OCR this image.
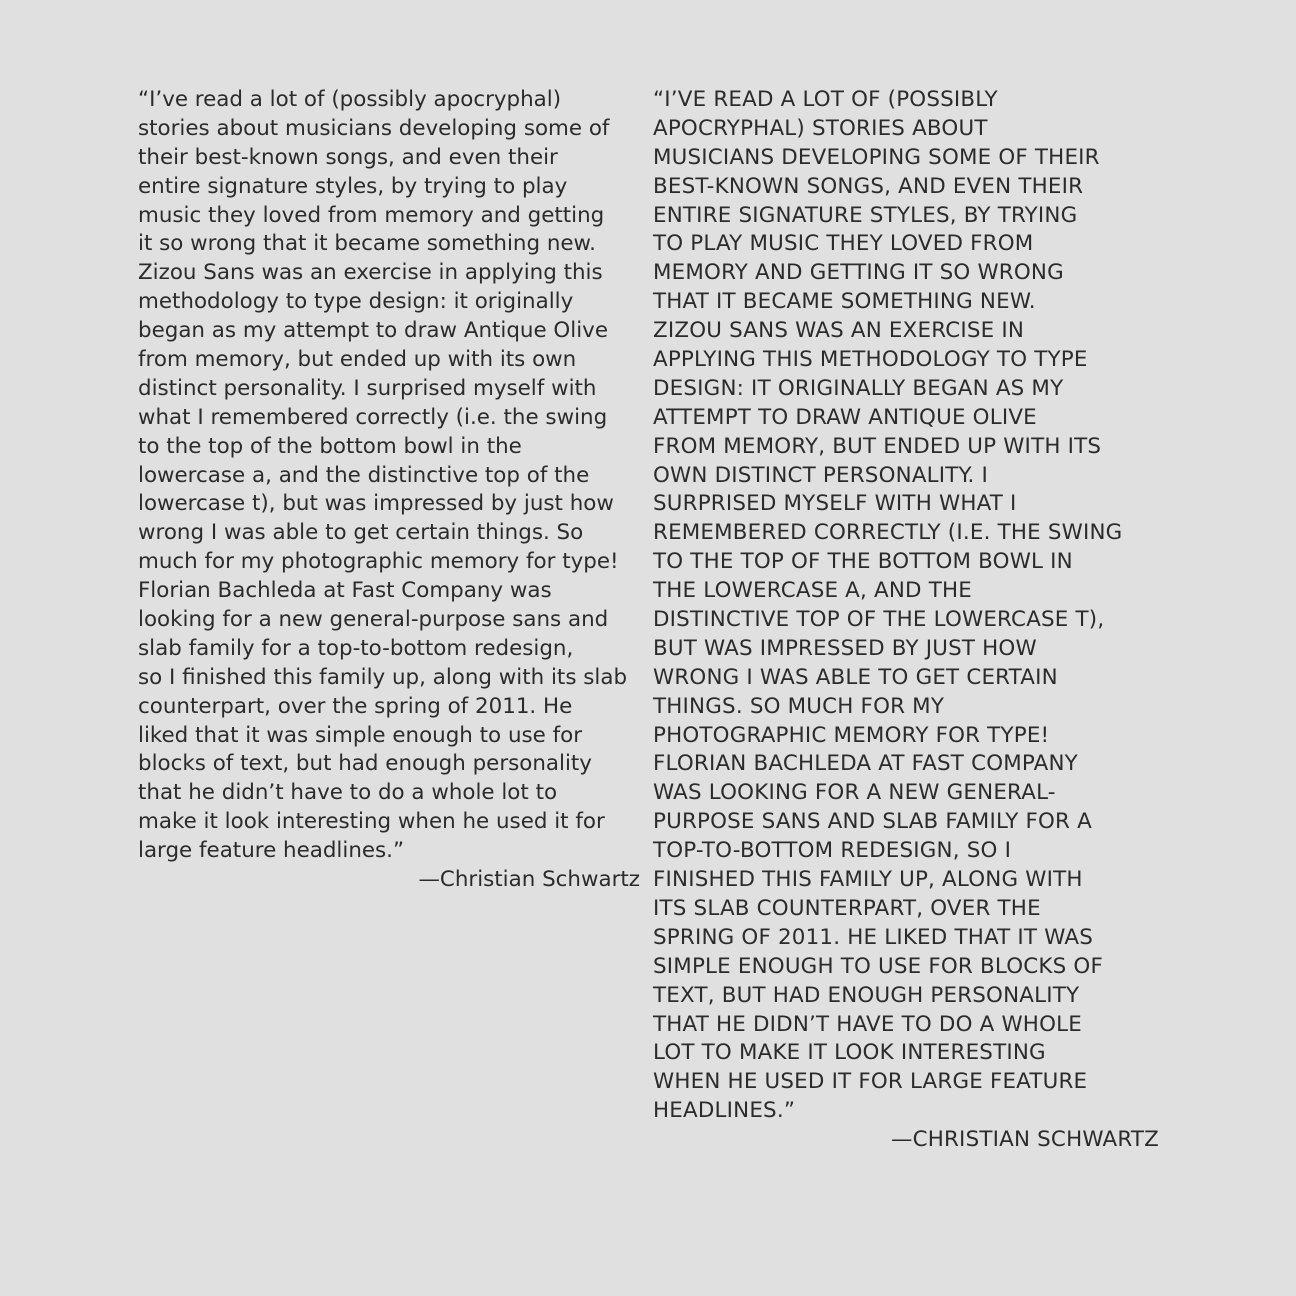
“I’ve read a lot of (possibly apocryphal)
stories about musicians developing some of
their best-known songs, and even their
entire signature styles, by trying to play
music they loved from memory and getting
it so wrong that it became something new.
Zizou Sans was an exercise in applying this
methodology to type design: it originally
began as my attempt to draw Antique Olive
from memory, but ended up with its own
distinct personality. I surprised myself with
what I remembered correctly (i.e. the swing
to the top of the bottom bowl in the
lowercase a, and the distinctive top of the
lowercase t), but was impressed by just how
wrong I was able to get certain things. So
much for my photographic memory for type!
Florian Bachleda at Fast Company was
looking for a new general-purpose sans and
slab family for a top-to-bottom redesign,
so I finished this family up, along with its slab
counterpart, over the spring of 2011. He
liked that it was simple enough to use for
blocks of text, but had enough personality
that he didn’t have to do a whole lot to
make it look interesting when he used it for
large feature headlines.”
—Christian Schwartz
“I’VE READ A LOT OF (POSSIBLY
APOCRYPHAL) STORIES ABOUT
MUSICIANS DEVELOPING SOME OF THEIR
BEST-KNOWN SONGS, AND EVEN THEIR
ENTIRE SIGNATURE STYLES, BY TRYING
TO PLAY MUSIC THEY LOVED FROM
MEMORY AND GETTING IT SO WRONG
THAT IT BECAME SOMETHING NEW.
ZIZOU SANS WAS AN EXERCISE IN
APPLYING THIS METHODOLOGY TO TYPE
DESIGN: IT ORIGINALLY BEGAN AS MY
ATTEMPT TO DRAW ANTIQUE OLIVE
FROM MEMORY, BUT ENDED UP WITH ITS
OWN DISTINCT PERSONALITY. I
SURPRISED MYSELF WITH WHAT I
REMEMBERED CORRECTLY (I.E. THE SWING
TO THE TOP OF THE BOTTOM BOWL IN
THE LOWERCASE A, AND THE
DISTINCTIVE TOP OF THE LOWERCASE T),
BUT WAS IMPRESSED BY JUST HOW
WRONG I WAS ABLE TO GET CERTAIN
THINGS. SO MUCH FOR MY
PHOTOGRAPHIC MEMORY FOR TYPE!
FLORIAN BACHLEDA AT FAST COMPANY
WAS LOOKING FOR A NEW GENERAL-
PURPOSE SANS AND SLAB FAMILY FOR A
TOP-TO-BOTTOM REDESIGN, SO I
FINISHED THIS FAMILY UP, ALONG WITH
ITS SLAB COUNTERPART, OVER THE
SPRING OF 2011. HE LIKED THAT IT WAS
SIMPLE ENOUGH TO USE FOR BLOCKS OF
TEXT, BUT HAD ENOUGH PERSONALITY
THAT HE DIDN’T HAVE TO DO A WHOLE
LOT TO MAKE IT LOOK INTERESTING
WHEN HE USED IT FOR LARGE FEATURE
HEADLINES.”
—CHRISTIAN SCHWARTZ
